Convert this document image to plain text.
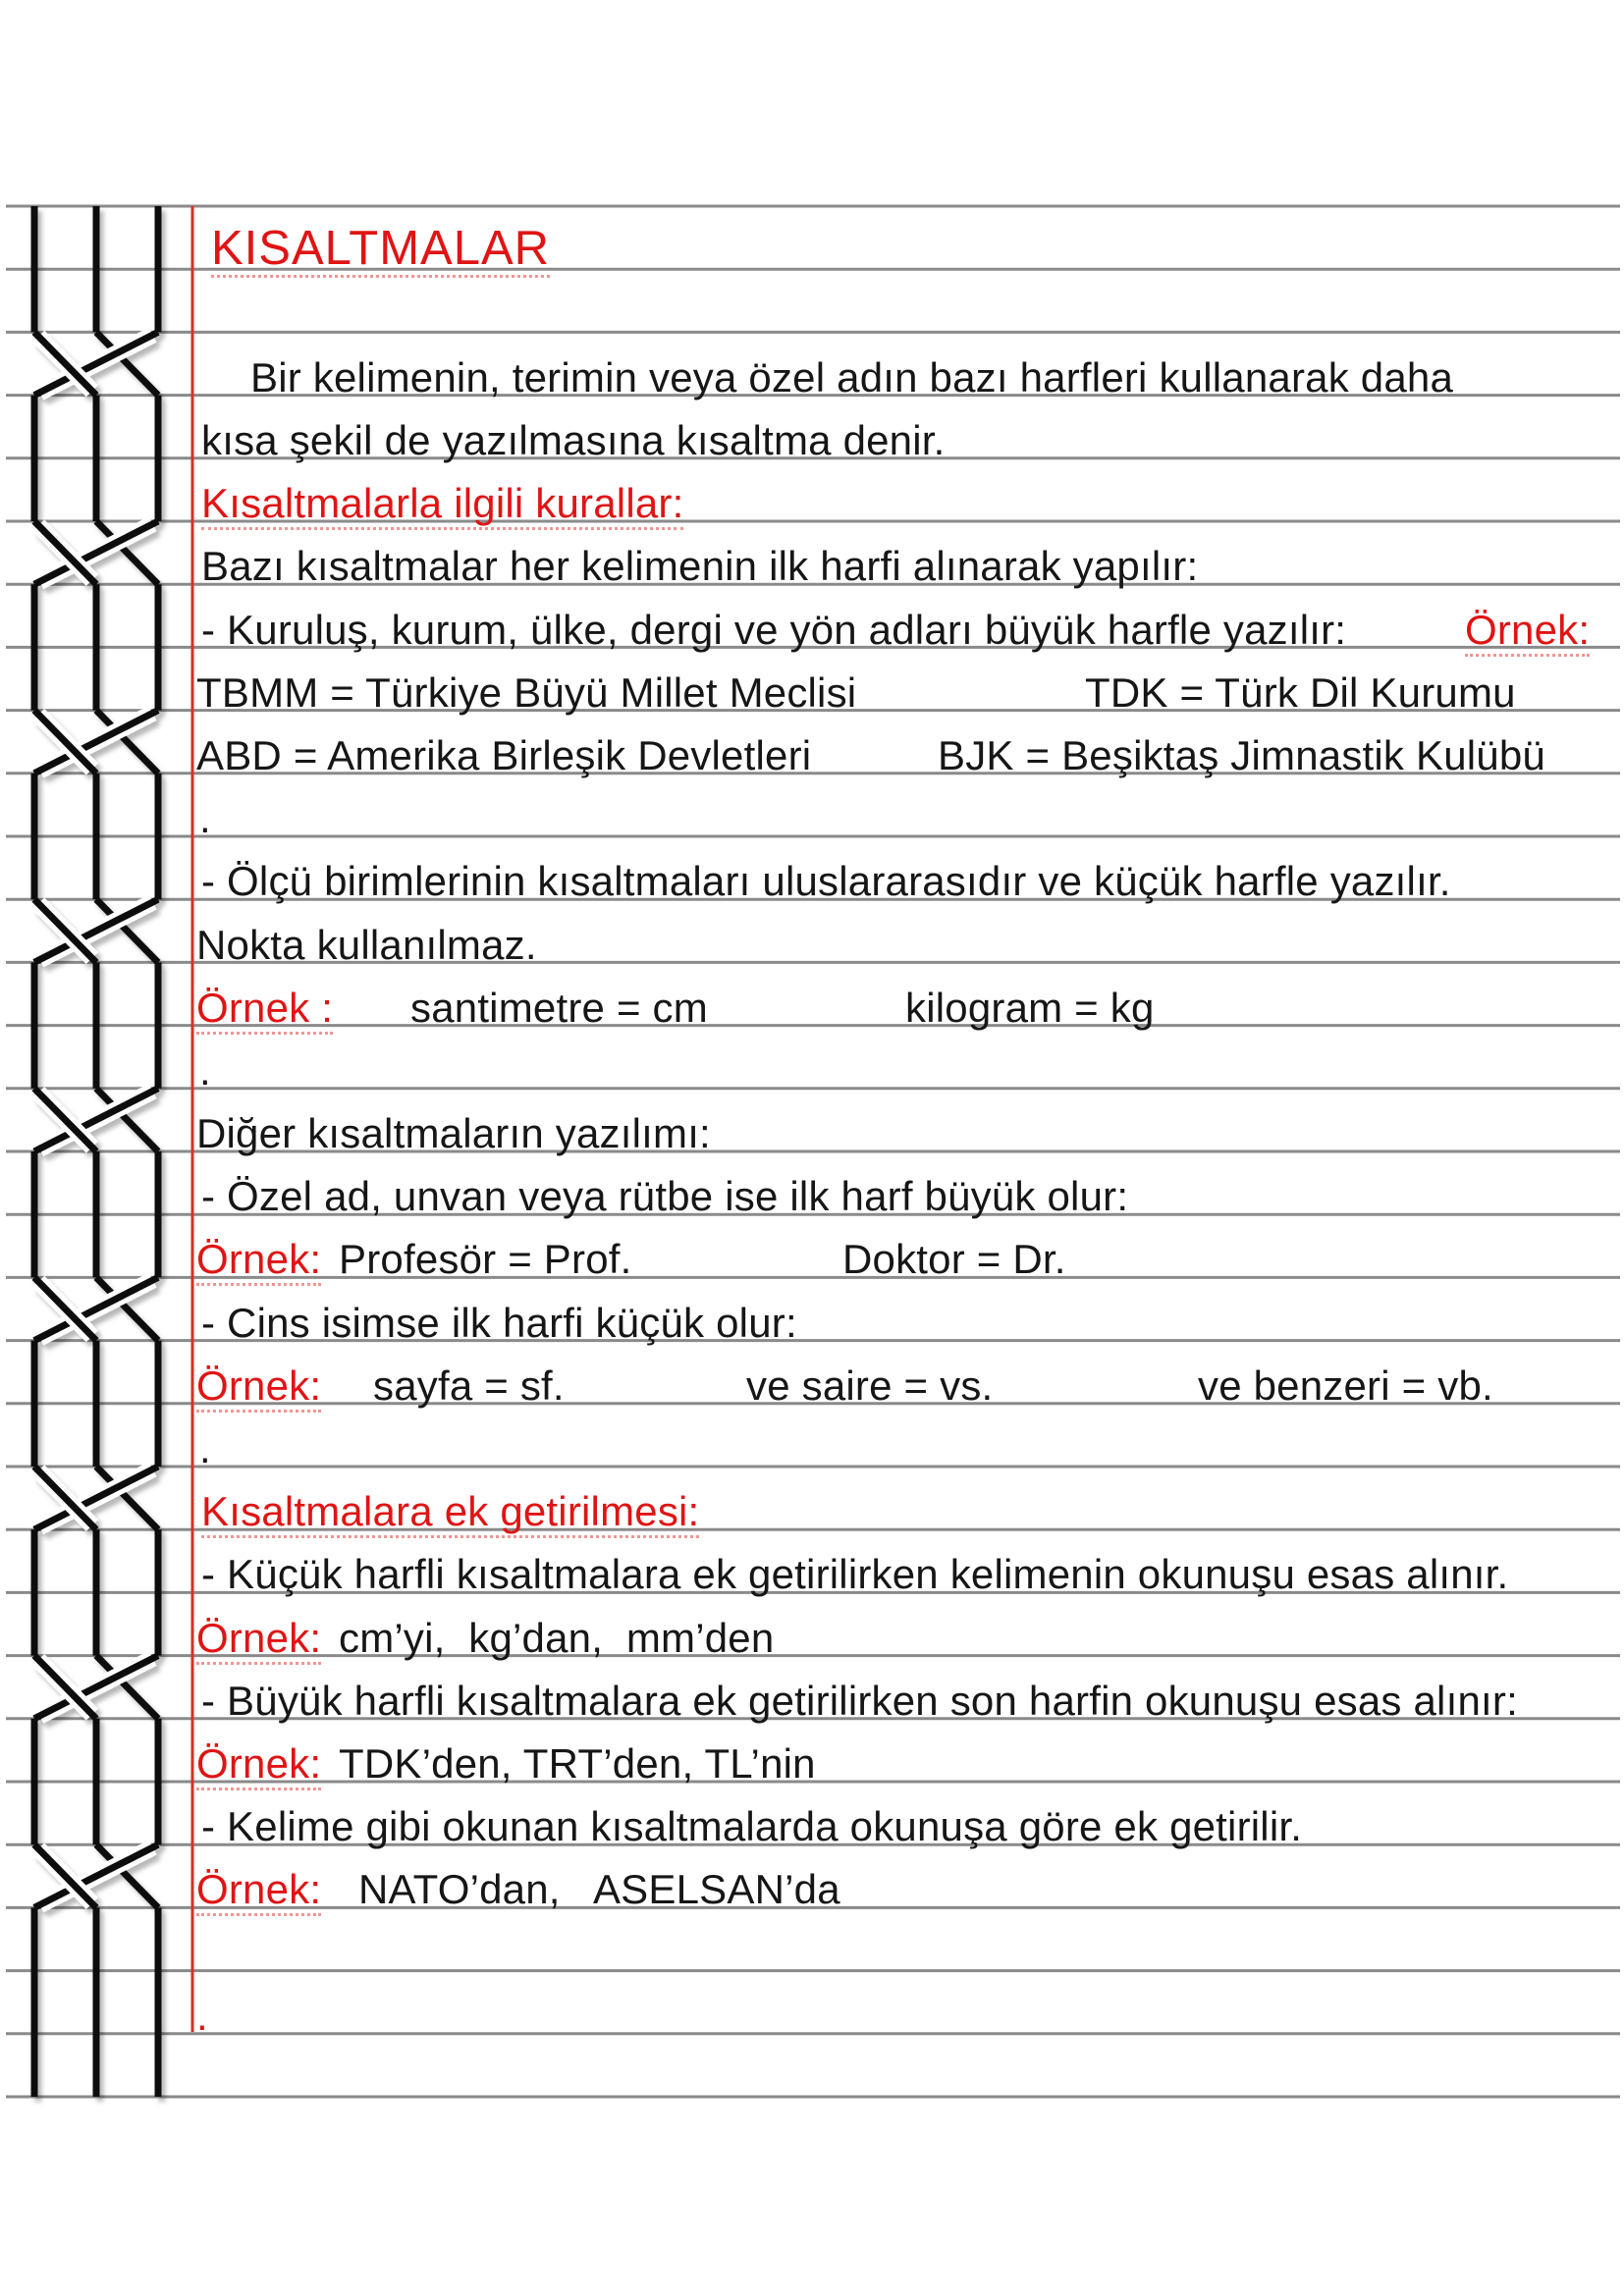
KISALTMALAR
Bir kelimenin, terimin veya özel adın bazı harfleri kullanarak daha
kısa şekil de yazılmasına kısaltma denir.
Kısaltmalarla ilgili kurallar:
Bazı kısaltmalar her kelimenin ilk harfi alınarak yapılır:
- Kuruluş, kurum, ülke, dergi ve yön adları büyük harfle yazılır:	Örnek:
TBMM = Türkiye Büyü Millet Meclisi	TDK = Türk Dil Kurumu
ABD = Amerika Birleşik Devletleri	BJK = Beşiktaş Jimnastik Kulübü
.
- Ölçü birimlerinin kısaltmaları uluslararasıdır ve küçük harfle yazılır.
Nokta kullanılmaz.
Örnek : santimetre = cm	kilogram = kg
.
Diğer kısaltmaların yazılımı:
- Özel ad, unvan veya rütbe ise ilk harf büyük olur:
Örnek: Profesör = Prof.	Doktor = Dr.
- Cins isimse ilk harfi küçük olur:
Örnek: sayfa = sf.	ve saire = vs.	ve benzeri = vb.
.
Kısaltmalara ek getirilmesi:
- Küçük harfli kısaltmalara ek getirilirken kelimenin okunuşu esas alınır.
Örnek: cm’yi,  kg’dan,  mm’den
- Büyük harfli kısaltmalara ek getirilirken son harfin okunuşu esas alınır:
Örnek: TDK’den, TRT’den, TL’nin
- Kelime gibi okunan kısaltmalarda okunuşa göre ek getirilir.
Örnek: NATO’dan,   ASELSAN’da
.
